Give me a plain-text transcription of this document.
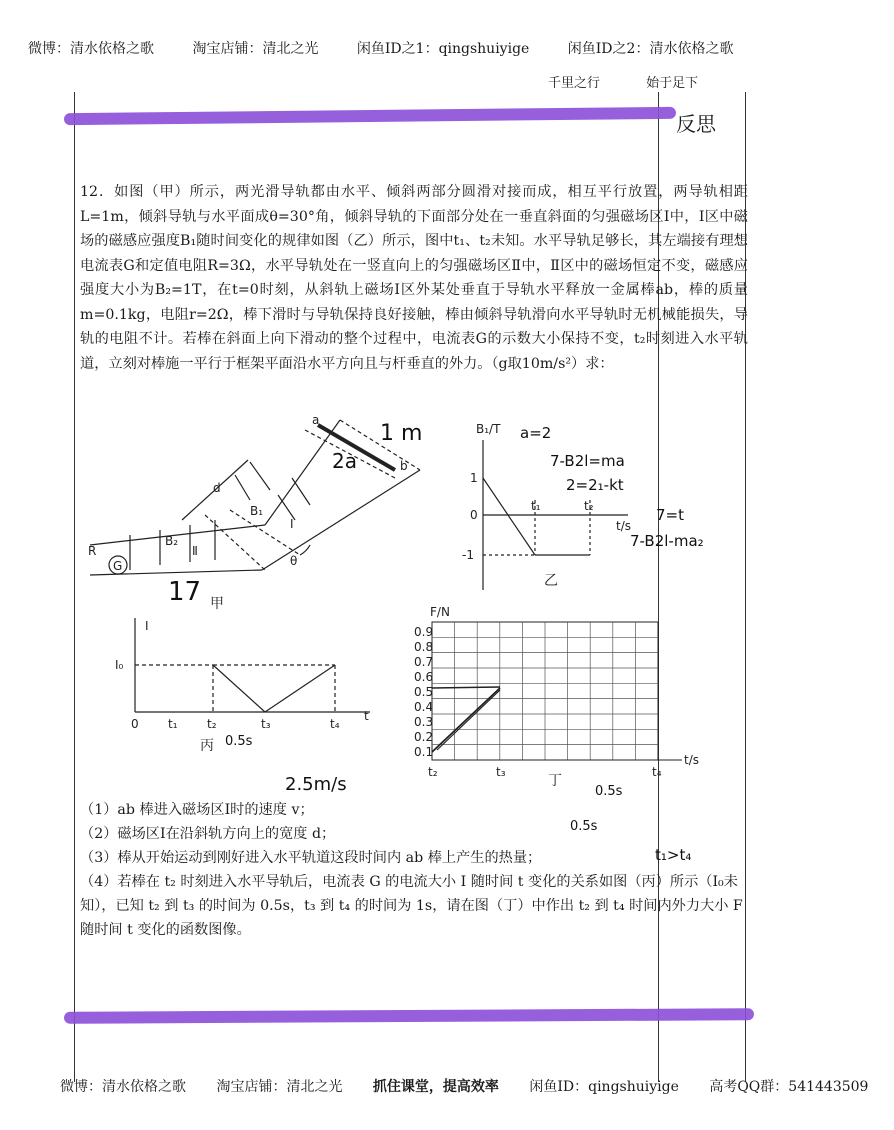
微博：清水依格之歌	淘宝店铺：清北之光	闲鱼ID之1：qingshuiyige	闲鱼ID之2：清水依格之歌
千里之行	始于足下
反思
12．如图（甲）所示，两光滑导轨都由水平、倾斜两部分圆滑对接而成，相互平行放置，两导轨相距L=1m，倾斜导轨与水平面成θ=30°角，倾斜导轨的下面部分处在一垂直斜面的匀强磁场区Ⅰ中，Ⅰ区中磁场的磁感应强度B₁随时间变化的规律如图（乙）所示，图中t₁、t₂未知。水平导轨足够长，其左端接有理想电流表G和定值电阻R=3Ω，水平导轨处在一竖直向上的匀强磁场区Ⅱ中，Ⅱ区中的磁场恒定不变，磁感应强度大小为B₂=1T，在t=0时刻，从斜轨上磁场Ⅰ区外某处垂直于导轨水平释放一金属棒ab，棒的质量m=0.1kg，电阻r=2Ω，棒下滑时与导轨保持良好接触，棒由倾斜导轨滑向水平导轨时无机械能损失，导轨的电阻不计。若棒在斜面上向下滑动的整个过程中，电流表G的示数大小保持不变，t₂时刻进入水平轨道，立刻对棒施一平行于框架平面沿水平方向且与杆垂直的外力。（g取10m/s²）求：
a
b
d
B₁
B₂
Ⅰ
Ⅱ
θ
R
G
甲
B₁/T
t/s
1
0
-1
t₁	t₂
乙
I
t
I₀
0 t₁ t₂	t₃	t₄
丙
F/N
t/s
0.9
0.8
0.7
0.6
0.5
0.4
0.3
0.2
0.1
t₂	t₃	t₄
丁
1 m
2a
a=2
7-B2l=ma
2=2₁-kt
7=t
7-B2l-ma₂
17
0.5s
2.5m/s	0.5s
0.5s
t₁>t₄
（1）ab 棒进入磁场区Ⅰ时的速度 v；
（2）磁场区Ⅰ在沿斜轨方向上的宽度 d；
（3）棒从开始运动到刚好进入水平轨道这段时间内 ab 棒上产生的热量；
（4）若棒在 t₂ 时刻进入水平导轨后，电流表 G 的电流大小 I 随时间 t 变化的关系如图（丙）所示（I₀未知），已知 t₂ 到 t₃ 的时间为 0.5s，t₃ 到 t₄ 的时间为 1s，请在图（丁）中作出 t₂ 到 t₄ 时间内外力大小 F 随时间 t 变化的函数图像。
微博：清水依格之歌 淘宝店铺：清北之光 抓住课堂，提高效率 闲鱼ID：qingshuiyige 高考QQ群：541443509
